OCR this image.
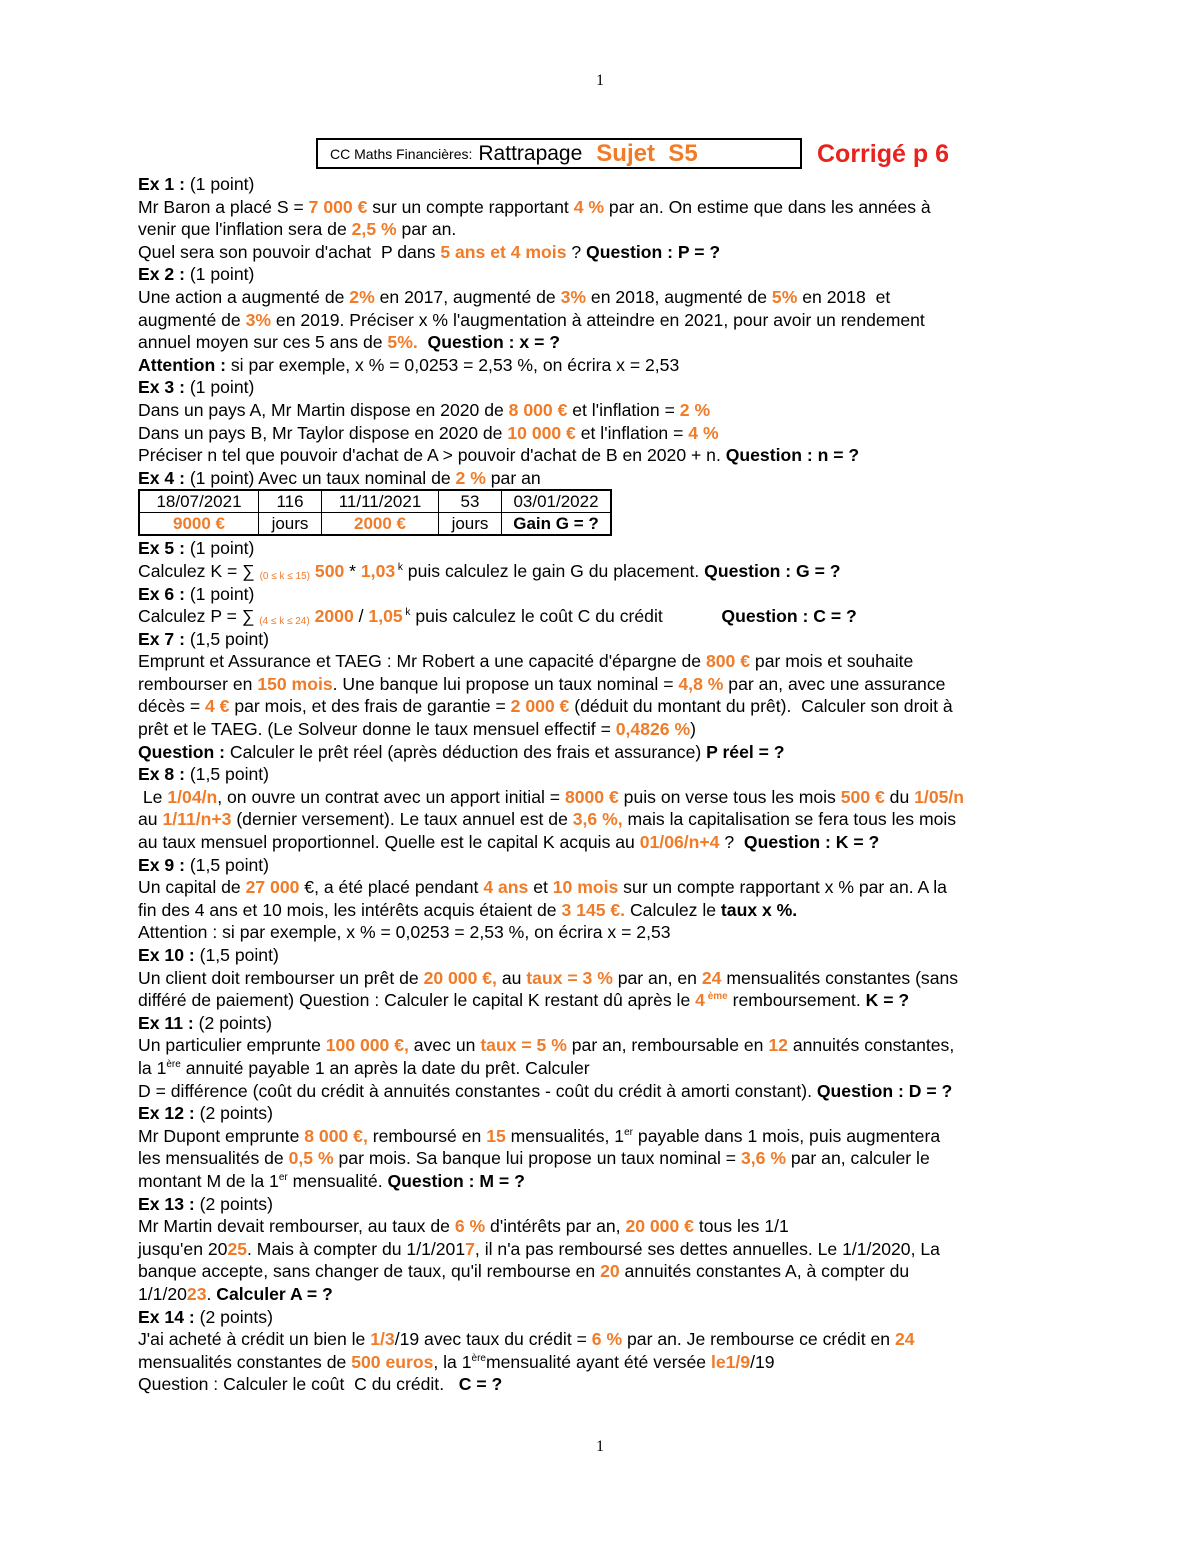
1
CC Maths Financières: Rattrapage Sujet  S5	Corrigé p 6
Ex 1 : (1 point)
Mr Baron a placé S = 7 000 € sur un compte rapportant 4 % par an. On estime que dans les années à
venir que l'inflation sera de 2,5 % par an.
Quel sera son pouvoir d'achat  P dans 5 ans et 4 mois ? Question : P = ?
Ex 2 : (1 point)
Une action a augmenté de 2% en 2017, augmenté de 3% en 2018, augmenté de 5% en 2018  et
augmenté de 3% en 2019. Préciser x % l'augmentation à atteindre en 2021, pour avoir un rendement
annuel moyen sur ces 5 ans de 5%. Question : x = ?
Attention : si par exemple, x % = 0,0253 = 2,53 %, on écrira x = 2,53
Ex 3 : (1 point)
Dans un pays A, Mr Martin dispose en 2020 de 8 000 € et l'inflation = 2 %
Dans un pays B, Mr Taylor dispose en 2020 de 10 000 € et l'inflation = 4 %
Préciser n tel que pouvoir d'achat de A > pouvoir d'achat de B en 2020 + n. Question : n = ?
Ex 4 : (1 point) Avec un taux nominal de 2 % par an
18/07/2021	116	11/11/2021	53	03/01/2022
9000 €	jours	2000 €	jours	Gain G = ?
Ex 5 : (1 point)
Calculez K = ∑ (0 ≤ k ≤ 15) 500 * 1,03 $^k$ puis calculez le gain G du placement. Question : G = ?
Ex 6 : (1 point)
Calculez P = ∑ (4 ≤ k ≤ 24) 2000 / 1,05 $^k$ puis calculez le coût C du crédit            Question : C = ?
Ex 7 : (1,5 point)
Emprunt et Assurance et TAEG : Mr Robert a une capacité d'épargne de 800 € par mois et souhaite
rembourser en 150 mois. Une banque lui propose un taux nominal = 4,8 % par an, avec une assurance
décès = 4 € par mois, et des frais de garantie = 2 000 € (déduit du montant du prêt).  Calculer son droit à
prêt et le TAEG. (Le Solveur donne le taux mensuel effectif = 0,4826 %)
Question : Calculer le prêt réel (après déduction des frais et assurance) P réel = ?
Ex 8 : (1,5 point)
Le 1/04/n, on ouvre un contrat avec un apport initial = 8000 € puis on verse tous les mois 500 € du 1/05/n
au 1/11/n+3 (dernier versement). Le taux annuel est de 3,6 %, mais la capitalisation se fera tous les mois
au taux mensuel proportionnel. Quelle est le capital K acquis au 01/06/n+4 ?  Question : K = ?
Ex 9 : (1,5 point)
Un capital de 27 000 €, a été placé pendant 4 ans et 10 mois sur un compte rapportant x % par an. A la
fin des 4 ans et 10 mois, les intérêts acquis étaient de 3 145 €. Calculez le taux x %.
Attention : si par exemple, x % = 0,0253 = 2,53 %, on écrira x = 2,53
Ex 10 : (1,5 point)
Un client doit rembourser un prêt de 20 000 €, au taux = 3 % par an, en 24 mensualités constantes (sans
différé de paiement) Question : Calculer le capital K restant dû après le 4 $^{ème}$ remboursement. K = ?
Ex 11 : (2 points)
Un particulier emprunte 100 000 €, avec un taux = 5 % par an, remboursable en 12 annuités constantes,
la 1ère annuité payable 1 an après la date du prêt. Calculer
D = différence (coût du crédit à annuités constantes - coût du crédit à amorti constant). Question : D = ?
Ex 12 : (2 points)
Mr Dupont emprunte 8 000 €, remboursé en 15 mensualités, 1er payable dans 1 mois, puis augmentera
les mensualités de 0,5 % par mois. Sa banque lui propose un taux nominal = 3,6 % par an, calculer le
montant M de la 1er mensualité. Question : M = ?
Ex 13 : (2 points)
Mr Martin devait rembourser, au taux de 6 % d'intérêts par an, 20 000 € tous les 1/1
jusqu'en 2025. Mais à compter du 1/1/2017, il n'a pas remboursé ses dettes annuelles. Le 1/1/2020, La
banque accepte, sans changer de taux, qu'il rembourse en 20 annuités constantes A, à compter du
1/1/2023. Calculer A = ?
Ex 14 : (2 points)
J'ai acheté à crédit un bien le 1/3/19 avec taux du crédit = 6 % par an. Je rembourse ce crédit en 24
mensualités constantes de 500 euros, la 1èremensualité ayant été versée le1/9/19
Question : Calculer le coût  C du crédit.   C = ?
1
